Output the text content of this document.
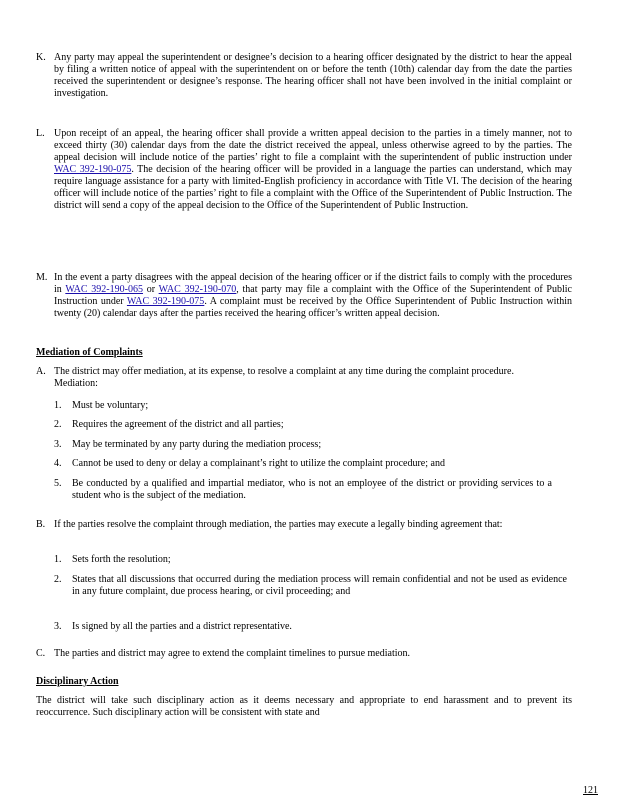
K. Any party may appeal the superintendent or designee’s decision to a hearing officer designated by the district to hear the appeal by filing a written notice of appeal with the superintendent on or before the tenth (10th) calendar day from the date the parties received the superintendent or designee’s response. The hearing officer shall not have been involved in the initial complaint or investigation.
L. Upon receipt of an appeal, the hearing officer shall provide a written appeal decision to the parties in a timely manner, not to exceed thirty (30) calendar days from the date the district received the appeal, unless otherwise agreed to by the parties. The appeal decision will include notice of the parties’ right to file a complaint with the superintendent of public instruction under WAC 392-190-075. The decision of the hearing officer will be provided in a language the parties can understand, which may require language assistance for a party with limited-English proficiency in accordance with Title VI. The decision of the hearing officer will include notice of the parties’ right to file a complaint with the Office of the Superintendent of Public Instruction. The district will send a copy of the appeal decision to the Office of the Superintendent of Public Instruction.
M. In the event a party disagrees with the appeal decision of the hearing officer or if the district fails to comply with the procedures in WAC 392-190-065 or WAC 392-190-070, that party may file a complaint with the Office of the Superintendent of Public Instruction under WAC 392-190-075. A complaint must be received by the Office Superintendent of Public Instruction within twenty (20) calendar days after the parties received the hearing officer’s written appeal decision.
Mediation of Complaints
A. The district may offer mediation, at its expense, to resolve a complaint at any time during the complaint procedure. Mediation:
1. Must be voluntary;
2. Requires the agreement of the district and all parties;
3. May be terminated by any party during the mediation process;
4. Cannot be used to deny or delay a complainant’s right to utilize the complaint procedure; and
5. Be conducted by a qualified and impartial mediator, who is not an employee of the district or providing services to a student who is the subject of the mediation.
B. If the parties resolve the complaint through mediation, the parties may execute a legally binding agreement that:
1. Sets forth the resolution;
2. States that all discussions that occurred during the mediation process will remain confidential and not be used as evidence in any future complaint, due process hearing, or civil proceeding; and
3. Is signed by all the parties and a district representative.
C. The parties and district may agree to extend the complaint timelines to pursue mediation.
Disciplinary Action
The district will take such disciplinary action as it deems necessary and appropriate to end harassment and to prevent its reoccurrence. Such disciplinary action will be consistent with state and
121
